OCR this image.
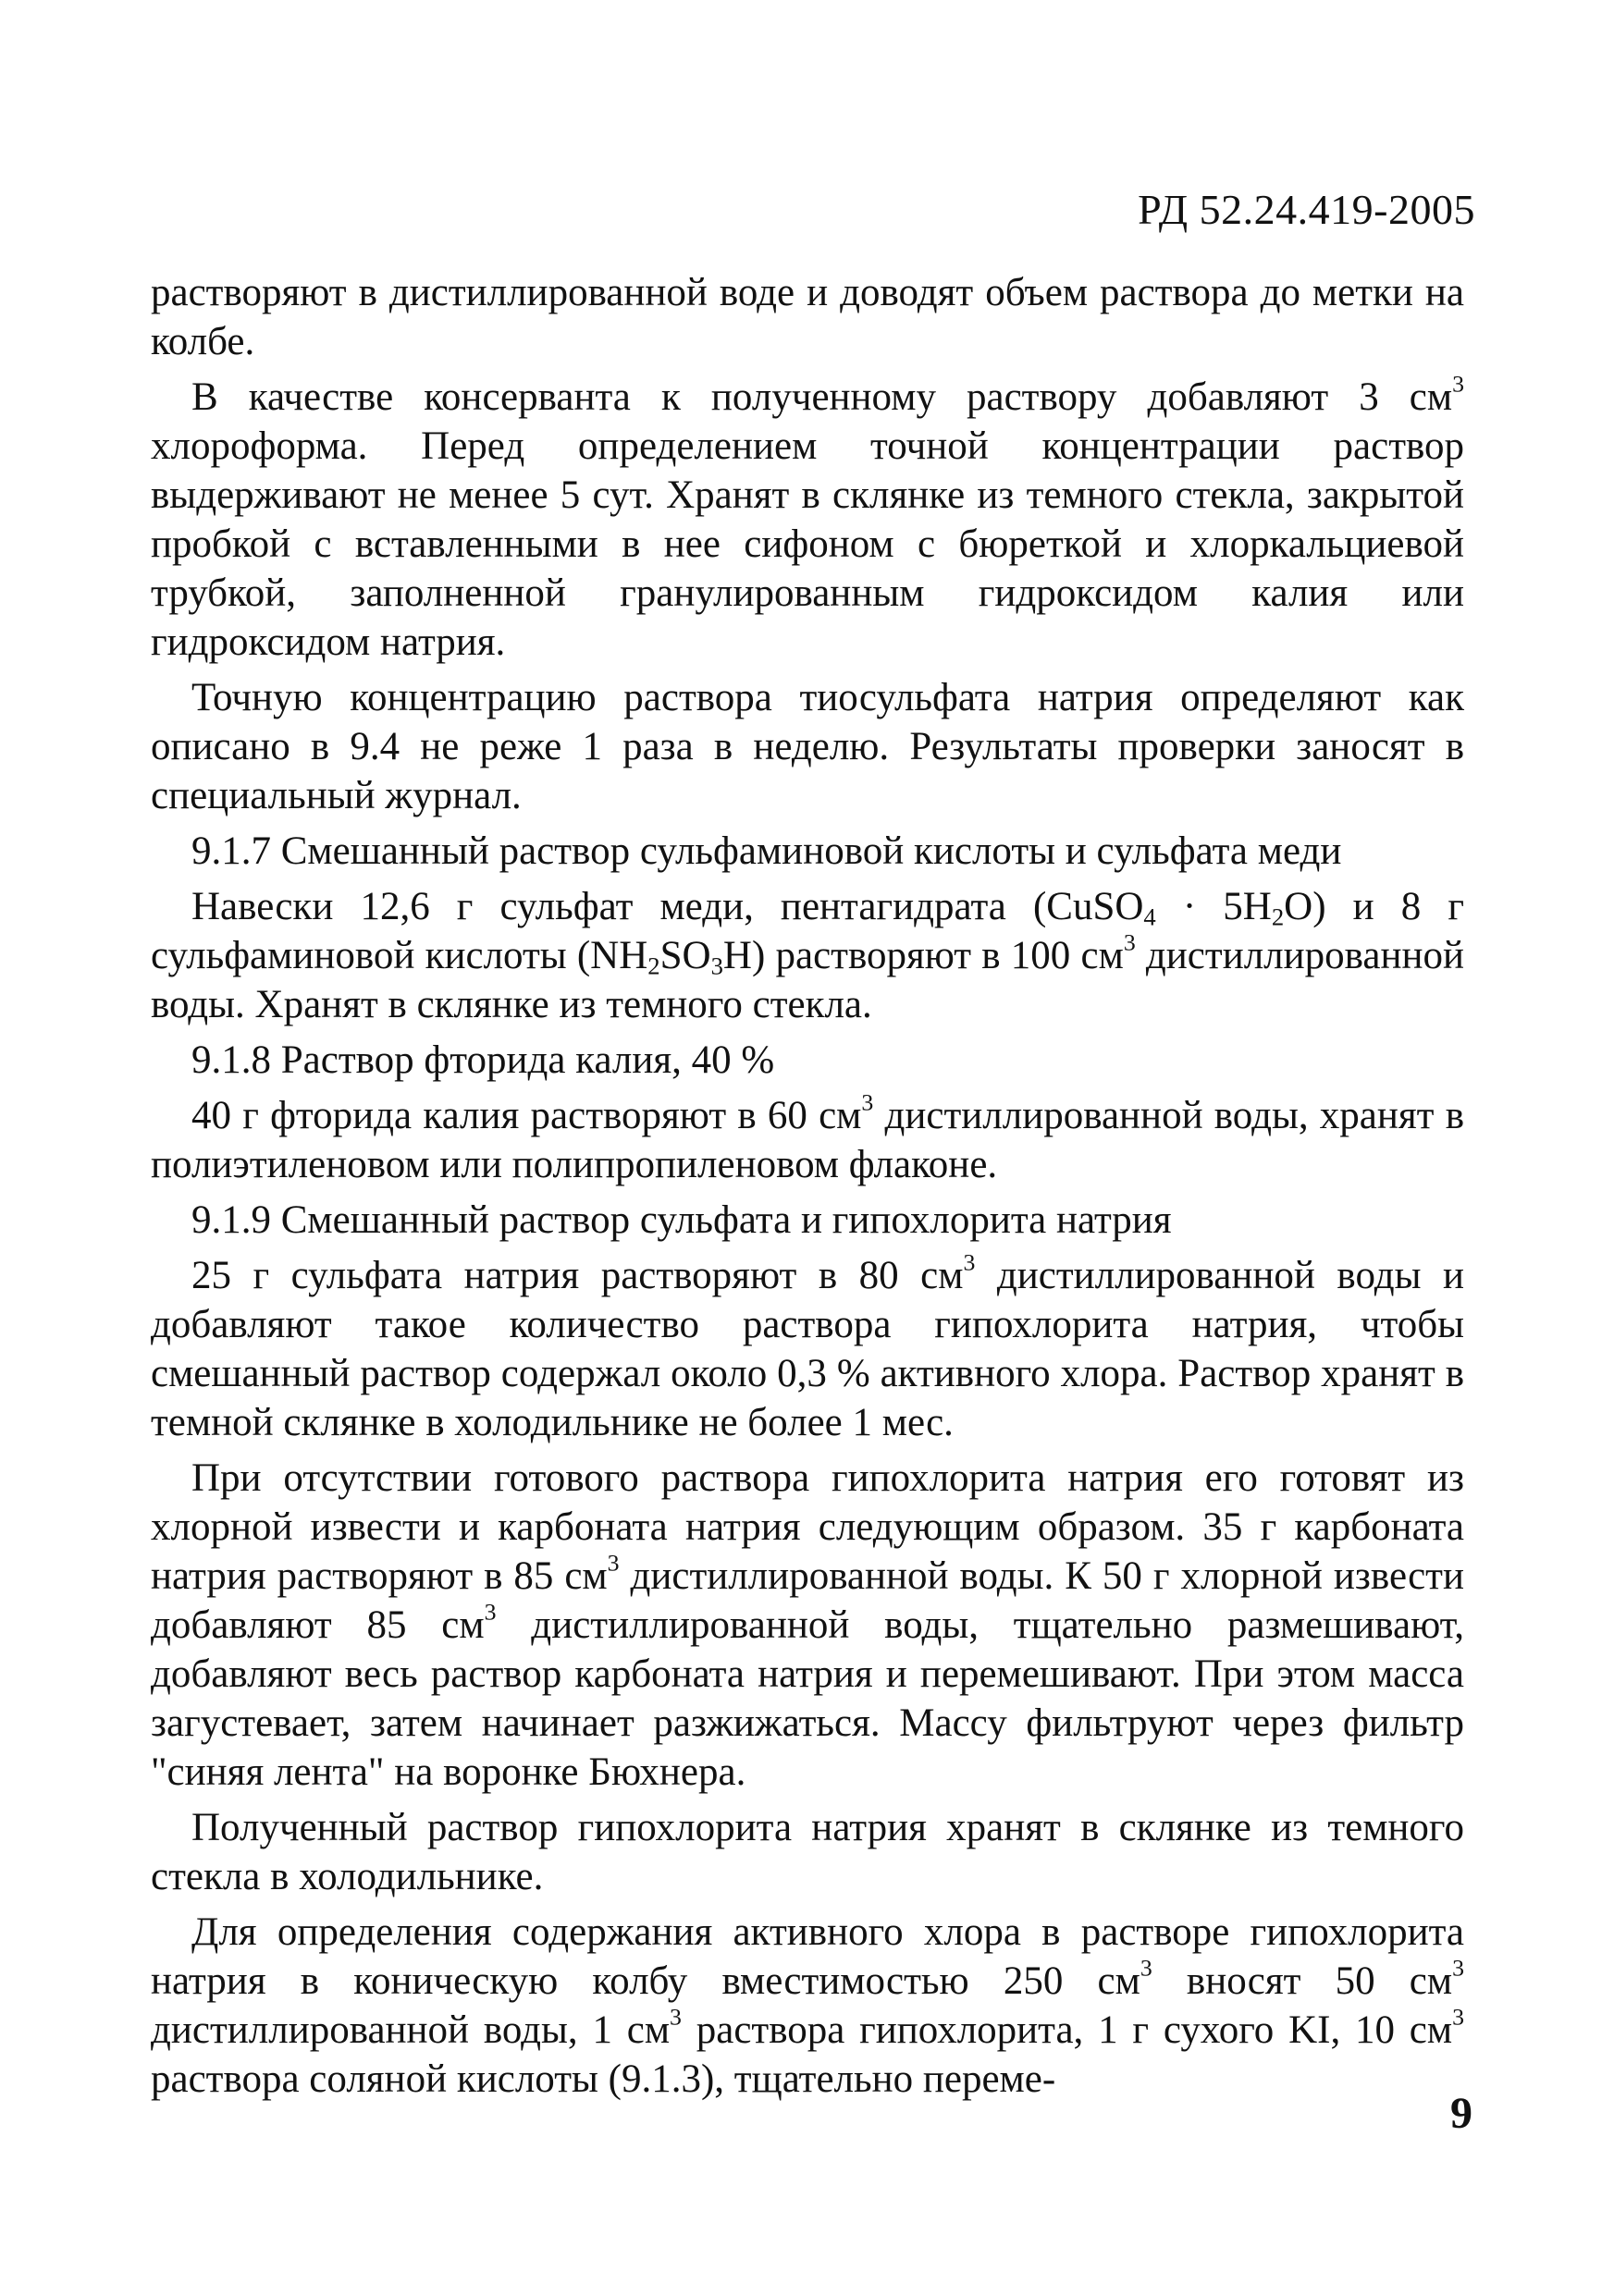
РД 52.24.419-2005

растворяют в дистиллированной воде и доводят объем раствора до метки на колбе.

В качестве консерванта к полученному раствору добавляют 3 $см^3$ хлороформа. Перед определением точной концентрации раствор выдерживают не менее 5 сут. Хранят в склянке из темного стекла, закрытой пробкой с вставленными в нее сифоном с бюреткой и хлоркальциевой трубкой, заполненной гранулированным гидроксидом калия или гидроксидом натрия.

Точную концентрацию раствора тиосульфата натрия определяют как описано в 9.4 не реже 1 раза в неделю. Результаты проверки заносят в специальный журнал.

9.1.7 Смешанный раствор сульфаминовой кислоты и сульфата меди

Навески 12,6 г сульфат меди, пентагидрата (CuSO$_4$ · $5H_2O$) и 8 г сульфаминовой кислоты $(NH_2SO_3H)$ растворяют в 100 $см^3$ дистиллированной воды. Хранят в склянке из темного стекла.

9.1.8 Раствор фторида калия, 40 %

40 г фторида калия растворяют в 60 $см^3$ дистиллированной воды, хранят в полиэтиленовом или полипропиленовом флаконе.

9.1.9 Смешанный раствор сульфата и гипохлорита натрия

25 г сульфата натрия растворяют в 80 $см^3$ дистиллированной воды и добавляют такое количество раствора гипохлорита натрия, чтобы смешанный раствор содержал около 0,3 % активного хлора. Раствор хранят в темной склянке в холодильнике не более 1 мес.

При отсутствии готового раствора гипохлорита натрия его готовят из хлорной извести и карбоната натрия следующим образом. 35 г карбоната натрия растворяют в 85 $см^3$ дистиллированной воды. К 50 г хлорной извести добавляют 85 $см^3$ дистиллированной воды, тщательно размешивают, добавляют весь раствор карбоната натрия и перемешивают. При этом масса загустевает, затем начинает разжижаться. Массу фильтруют через фильтр "синяя лента" на воронке Бюхнера.

Полученный раствор гипохлорита натрия хранят в склянке из темного стекла в холодильнике.

Для определения содержания активного хлора в растворе гипохлорита натрия в коническую колбу вместимостью 250 $см^3$ вносят 50 $см^3$ дистиллированной воды, 1 $см^3$ раствора гипохлорита, 1 г сухого KI, 10 $см^3$ раствора соляной кислоты (9.1.3), тщательно переме-

9
